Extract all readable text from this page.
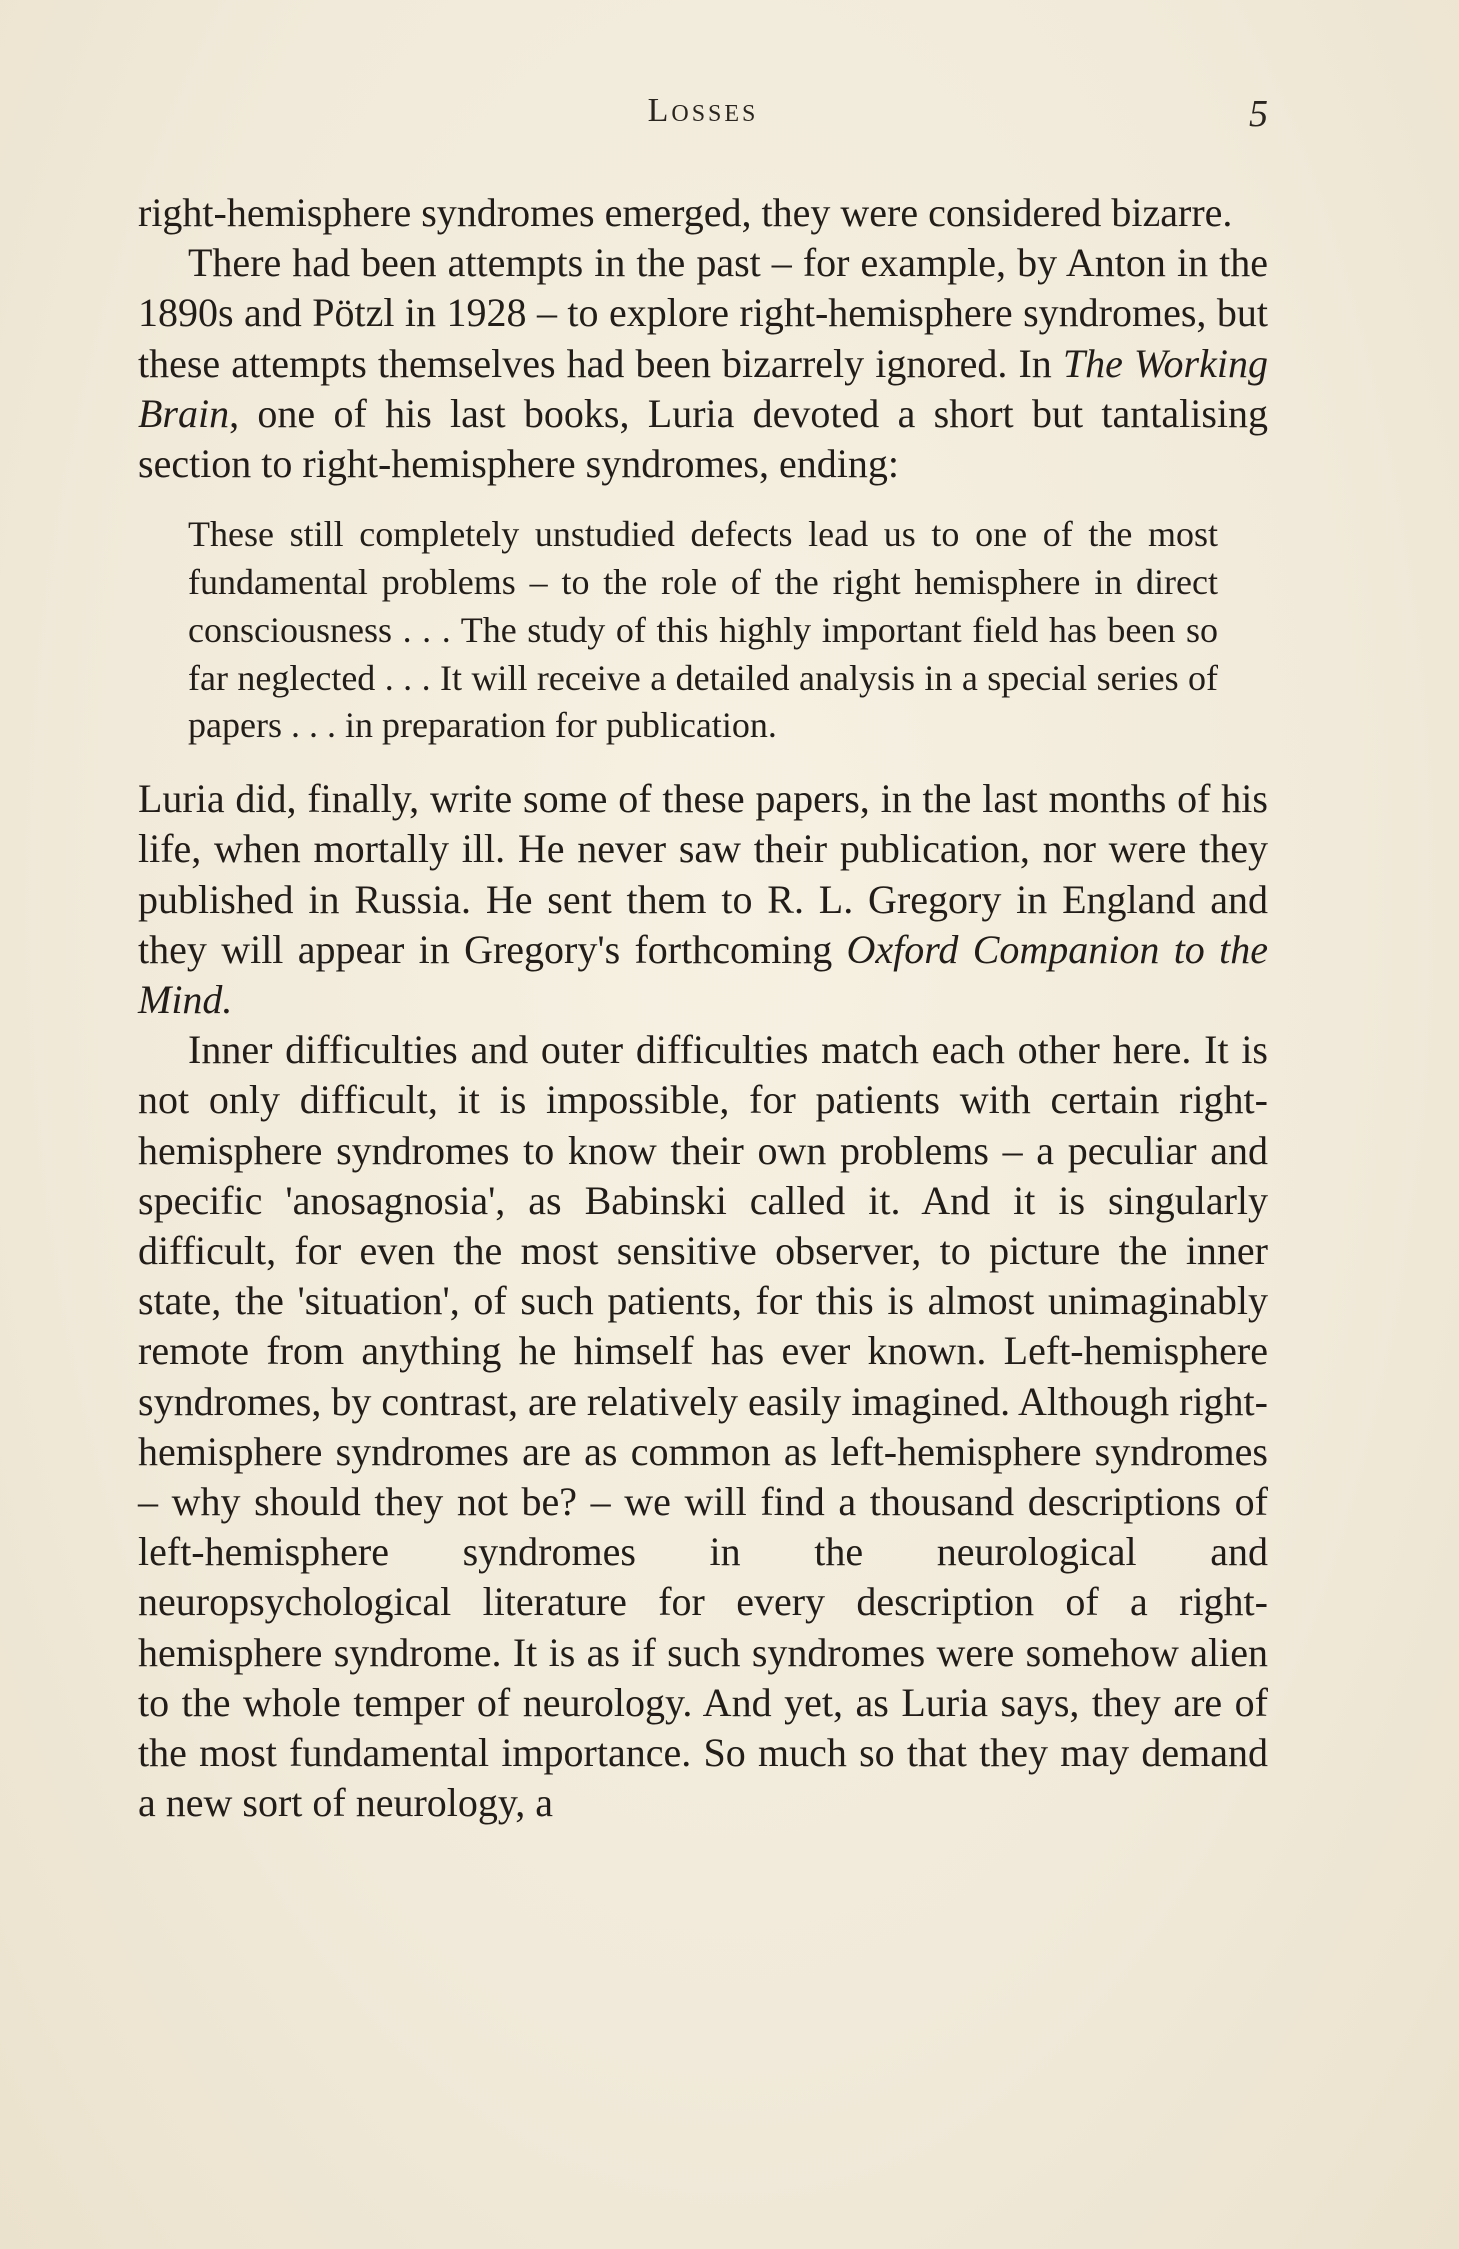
Losses	5

right-hemisphere syndromes emerged, they were considered bizarre.

There had been attempts in the past – for example, by Anton in the 1890s and Pötzl in 1928 – to explore right-hemisphere syndromes, but these attempts themselves had been bizarrely ignored. In The Working Brain, one of his last books, Luria devoted a short but tantalising section to right-hemisphere syndromes, ending:

These still completely unstudied defects lead us to one of the most fundamental problems – to the role of the right hemisphere in direct consciousness . . . The study of this highly important field has been so far neglected . . . It will receive a detailed analysis in a special series of papers . . . in preparation for publication.

Luria did, finally, write some of these papers, in the last months of his life, when mortally ill. He never saw their publication, nor were they published in Russia. He sent them to R. L. Gregory in England and they will appear in Gregory's forthcoming Oxford Companion to the Mind.

Inner difficulties and outer difficulties match each other here. It is not only difficult, it is impossible, for patients with certain right-hemisphere syndromes to know their own problems – a peculiar and specific 'anosagnosia', as Babinski called it. And it is singularly difficult, for even the most sensitive observer, to picture the inner state, the 'situation', of such patients, for this is almost unimaginably remote from anything he himself has ever known. Left-hemisphere syndromes, by contrast, are relatively easily imagined. Although right-hemisphere syndromes are as common as left-hemisphere syndromes – why should they not be? – we will find a thousand descriptions of left-hemisphere syndromes in the neurological and neuropsychological literature for every description of a right-hemisphere syndrome. It is as if such syndromes were somehow alien to the whole temper of neurology. And yet, as Luria says, they are of the most fundamental importance. So much so that they may demand a new sort of neurology, a
